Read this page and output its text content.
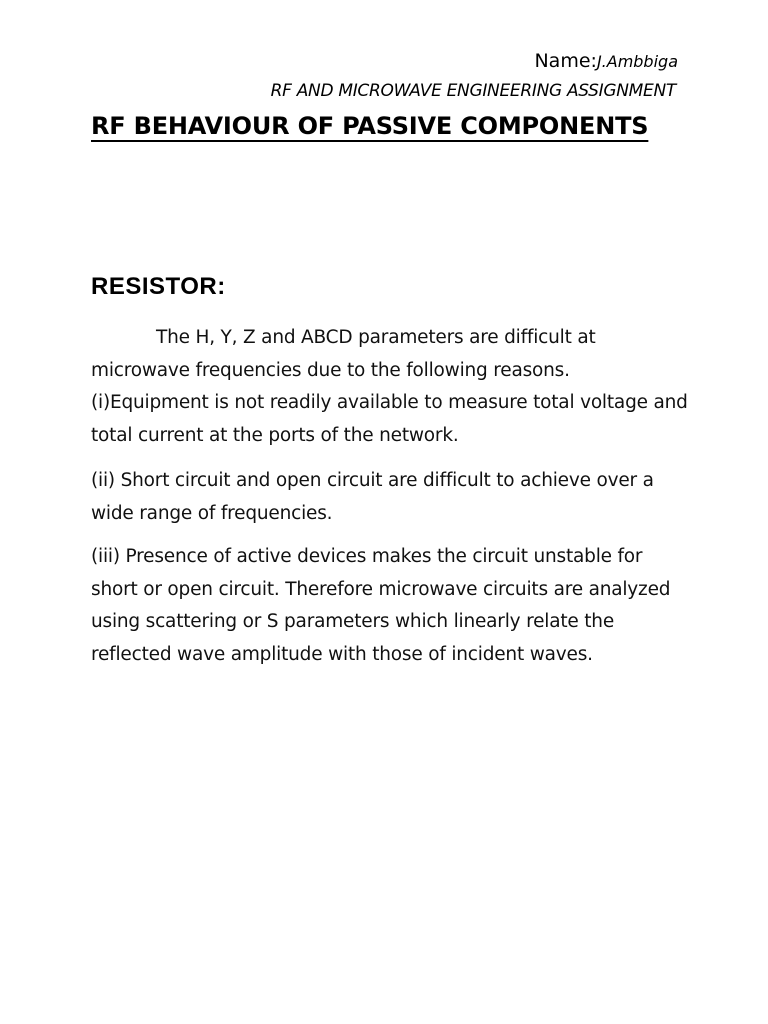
Name:J.Ambbiga
RF AND MICROWAVE ENGINEERING ASSIGNMENT
RF BEHAVIOUR OF PASSIVE COMPONENTS
RESISTOR:

The H, Y, Z and ABCD parameters are difficult at microwave frequencies due to the following reasons. (i)Equipment is not readily available to measure total voltage and total current at the ports of the network.

(ii) Short circuit and open circuit are difficult to achieve over a wide range of frequencies.

(iii) Presence of active devices makes the circuit unstable for short or open circuit. Therefore microwave circuits are analyzed using scattering or S parameters which linearly relate the reflected wave amplitude with those of incident waves.
